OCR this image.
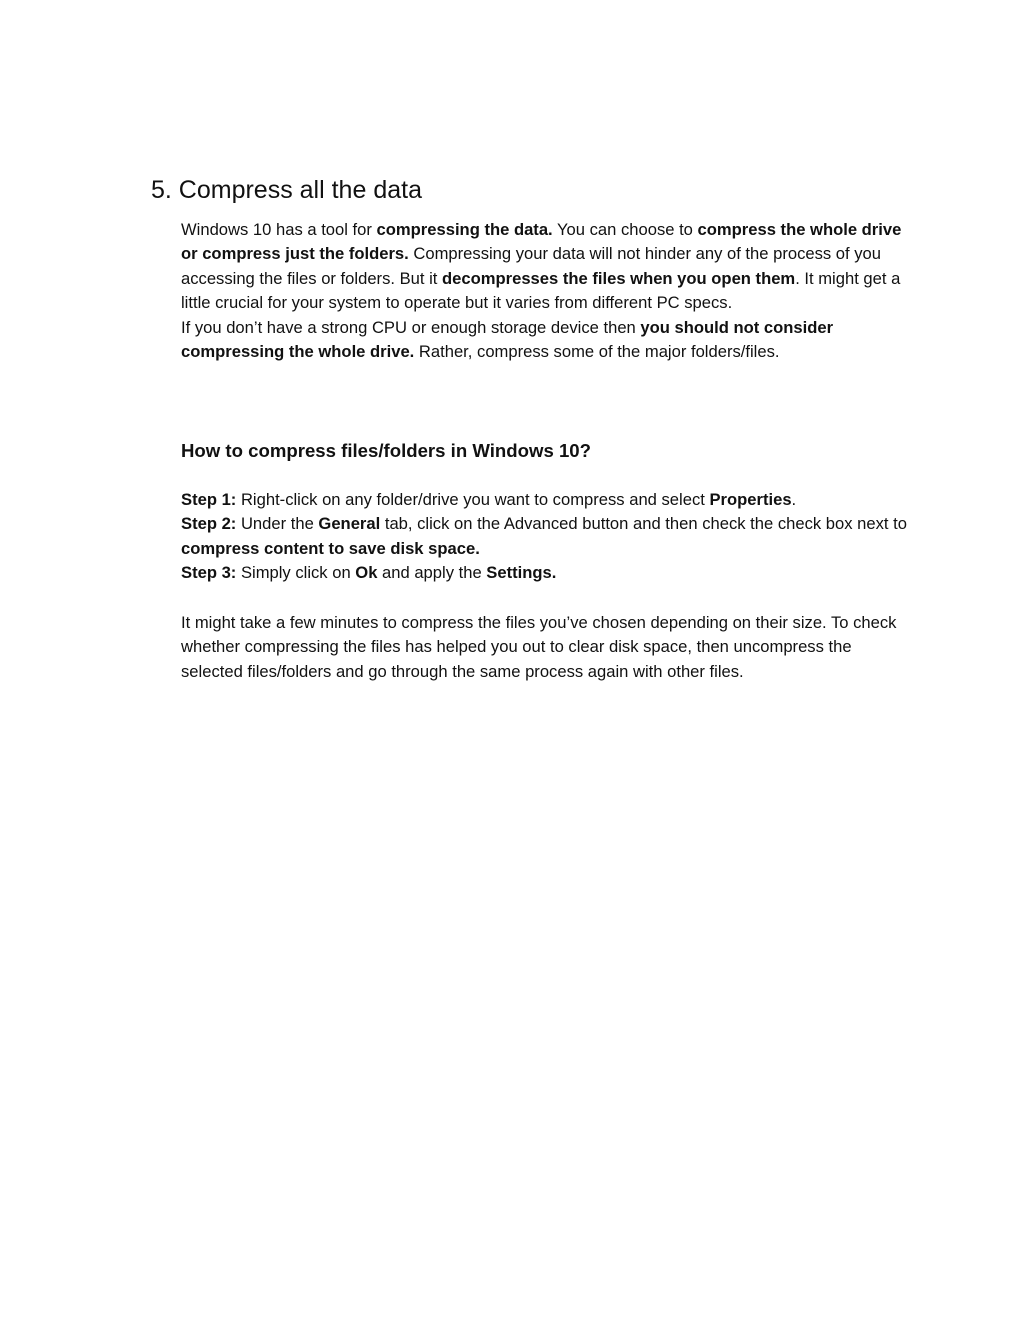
5. Compress all the data

Windows 10 has a tool for compressing the data. You can choose to compress the whole drive or compress just the folders. Compressing your data will not hinder any of the process of you accessing the files or folders. But it decompresses the files when you open them. It might get a little crucial for your system to operate but it varies from different PC specs.

If you don’t have a strong CPU or enough storage device then you should not consider compressing the whole drive. Rather, compress some of the major folders/files.

How to compress files/folders in Windows 10?

Step 1: Right-click on any folder/drive you want to compress and select Properties.

Step 2: Under the General tab, click on the Advanced button and then check the check box next to compress content to save disk space.

Step 3: Simply click on Ok and apply the Settings.

It might take a few minutes to compress the files you’ve chosen depending on their size. To check whether compressing the files has helped you out to clear disk space, then uncompress the selected files/folders and go through the same process again with other files.
